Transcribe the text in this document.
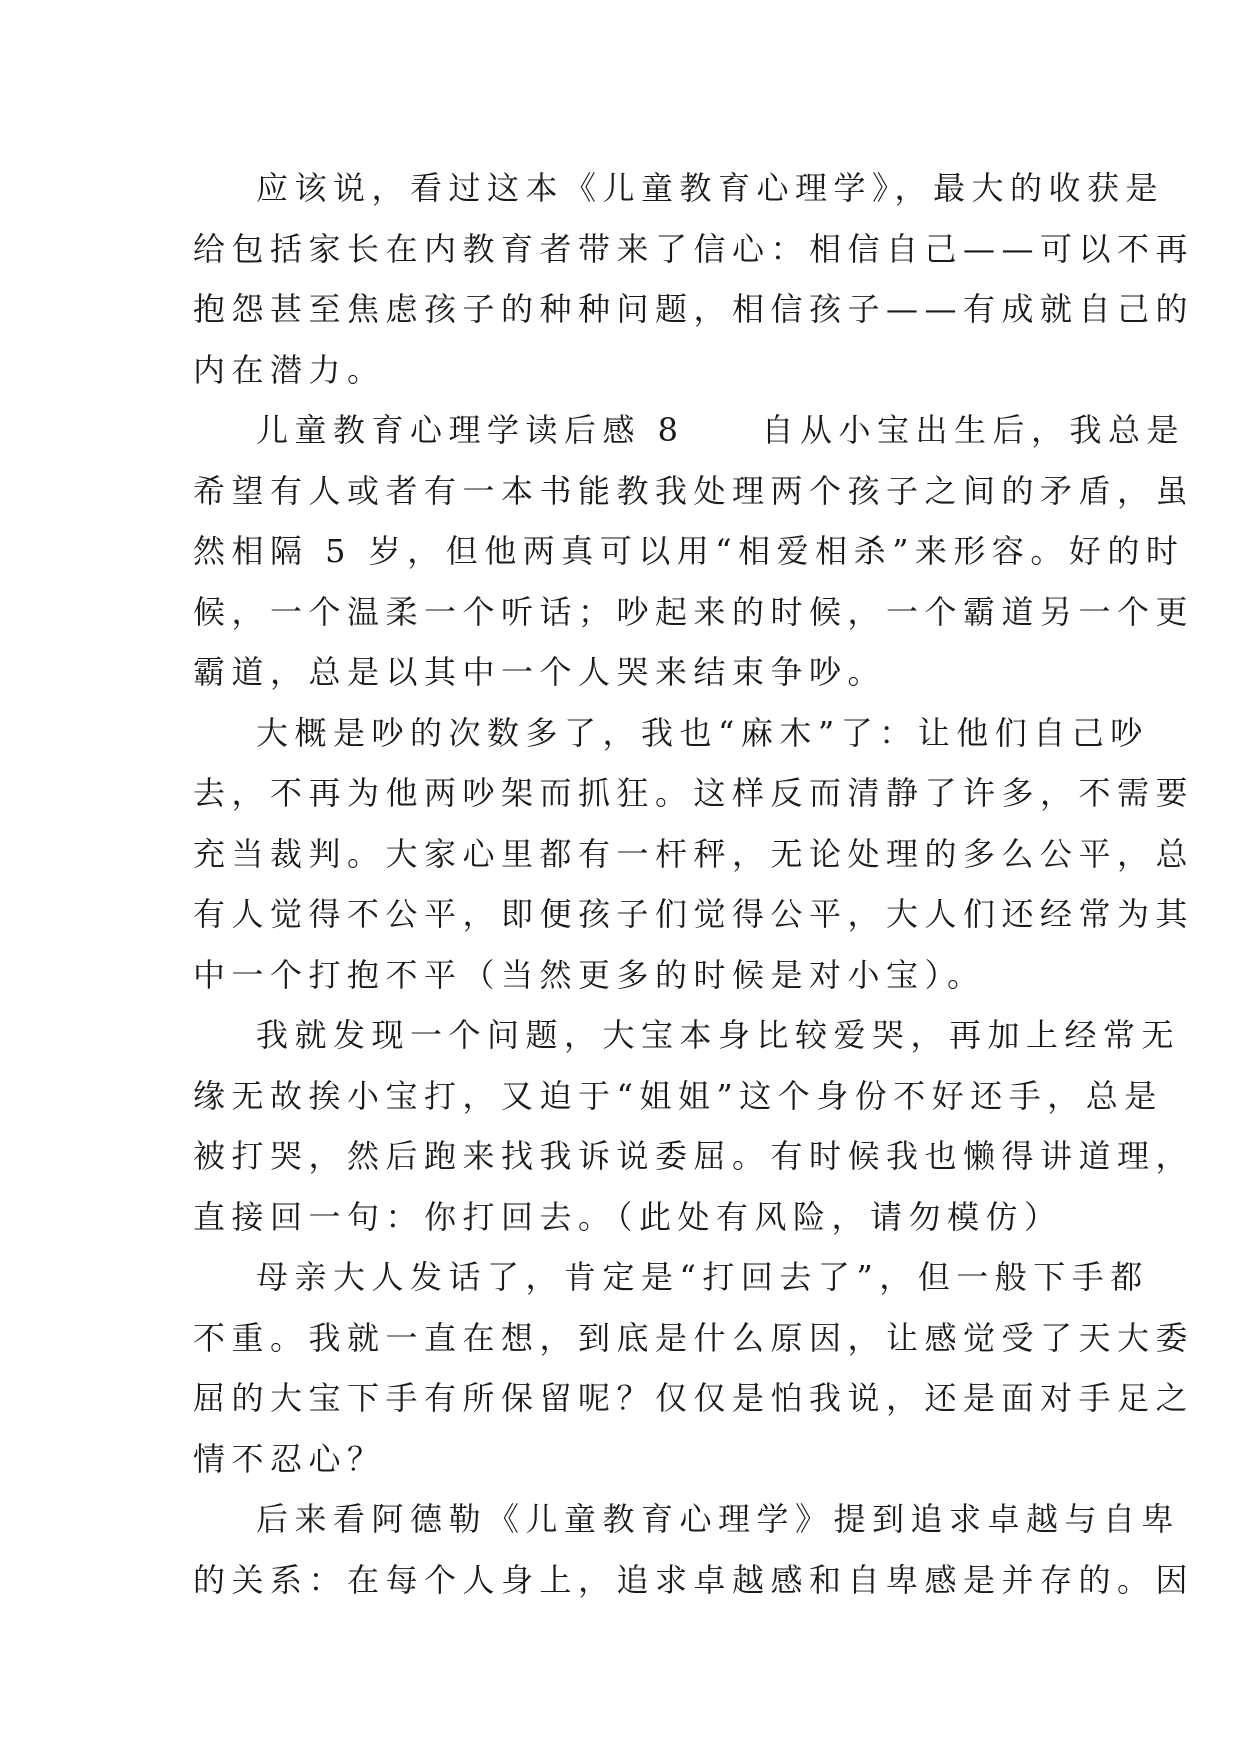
应该说，看过这本《儿童教育心理学》，最大的收获是
给包括家长在内教育者带来了信心：相信自己——可以不再
抱怨甚至焦虑孩子的种种问题，相信孩子——有成就自己的
内在潜力。
儿童教育心理学读后感 8　　自从小宝出生后，我总是
希望有人或者有一本书能教我处理两个孩子之间的矛盾，虽
然相隔 5 岁，但他两真可以用“相爱相杀”来形容。好的时
候，一个温柔一个听话；吵起来的时候，一个霸道另一个更
霸道，总是以其中一个人哭来结束争吵。
大概是吵的次数多了，我也“麻木”了：让他们自己吵
去，不再为他两吵架而抓狂。这样反而清静了许多，不需要
充当裁判。大家心里都有一杆秤，无论处理的多么公平，总
有人觉得不公平，即便孩子们觉得公平，大人们还经常为其
中一个打抱不平（当然更多的时候是对小宝）。
我就发现一个问题，大宝本身比较爱哭，再加上经常无
缘无故挨小宝打，又迫于“姐姐”这个身份不好还手，总是
被打哭，然后跑来找我诉说委屈。有时候我也懒得讲道理，
直接回一句：你打回去。（此处有风险，请勿模仿）
母亲大人发话了，肯定是“打回去了”，但一般下手都
不重。我就一直在想，到底是什么原因，让感觉受了天大委
屈的大宝下手有所保留呢？仅仅是怕我说，还是面对手足之
情不忍心？
后来看阿德勒《儿童教育心理学》提到追求卓越与自卑
的关系：在每个人身上，追求卓越感和自卑感是并存的。因
